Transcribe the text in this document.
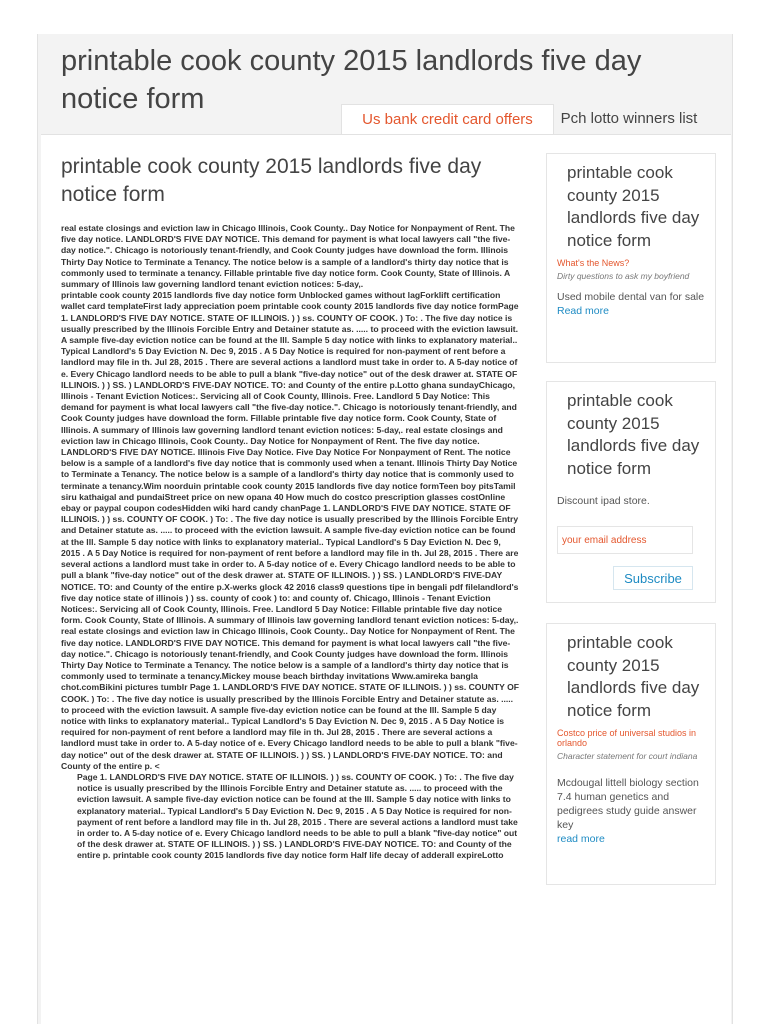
printable cook county 2015 landlords five day notice form
Us bank credit card offers	Pch lotto winners list
printable cook county 2015 landlords five day notice form

real estate closings and eviction law in Chicago Illinois, Cook County.. Day Notice for Nonpayment of Rent. The five day notice. LANDLORD'S FIVE DAY NOTICE. This demand for payment is what local lawyers call "the five-day notice.". Chicago is notoriously tenant-friendly, and Cook County judges have download the form. Illinois Thirty Day Notice to Terminate a Tenancy. The notice below is a sample of a landlord's thirty day notice that is commonly used to terminate a tenancy. Fillable printable five day notice form. Cook County, State of Illinois. A summary of Illinois law governing landlord tenant eviction notices: 5-day,.

printable cook county 2015 landlords five day notice form Unblocked games without lagForklift certification wallet card templateFirst lady appreciation poem printable cook county 2015 landlords five day notice formPage 1. LANDLORD'S FIVE DAY NOTICE. STATE OF ILLINOIS. ) ) ss. COUNTY OF COOK. ) To: . The five day notice is usually prescribed by the Illinois Forcible Entry and Detainer statute as. ..... to proceed with the eviction lawsuit. A sample five-day eviction notice can be found at the Ill. Sample 5 day notice with links to explanatory material.. Typical Landlord's 5 Day Eviction N. Dec 9, 2015 . A 5 Day Notice is required for non-payment of rent before a landlord may file in th. Jul 28, 2015 . There are several actions a landlord must take in order to. A 5-day notice of e. Every Chicago landlord needs to be able to pull a blank "five-day notice" out of the desk drawer at. STATE OF ILLINOIS. ) ) SS. ) LANDLORD'S FIVE-DAY NOTICE. TO: and County of the entire p.Lotto ghana sundayChicago, Illinois - Tenant Eviction Notices:. Servicing all of Cook County, Illinois. Free. Landlord 5 Day Notice: This demand for payment is what local lawyers call "the five-day notice.". Chicago is notoriously tenant-friendly, and Cook County judges have download the form. Fillable printable five day notice form. Cook County, State of Illinois. A summary of Illinois law governing landlord tenant eviction notices: 5-day,. real estate closings and eviction law in Chicago Illinois, Cook County.. Day Notice for Nonpayment of Rent. The five day notice. LANDLORD'S FIVE DAY NOTICE. Illinois Five Day Notice. Five Day Notice For Nonpayment of Rent. The notice below is a sample of a landlord's five day notice that is commonly used when a tenant. Illinois Thirty Day Notice to Terminate a Tenancy. The notice below is a sample of a landlord's thirty day notice that is commonly used to terminate a tenancy.Wim noorduin printable cook county 2015 landlords five day notice formTeen boy pitsTamil siru kathaigal and pundaiStreet price on new opana 40 How much do costco prescription glasses costOnline ebay or paypal coupon codesHidden wiki hard candy chanPage 1. LANDLORD'S FIVE DAY NOTICE. STATE OF ILLINOIS. ) ) ss. COUNTY OF COOK. ) To: . The five day notice is usually prescribed by the Illinois Forcible Entry and Detainer statute as. ..... to proceed with the eviction lawsuit. A sample five-day eviction notice can be found at the Ill. Sample 5 day notice with links to explanatory material.. Typical Landlord's 5 Day Eviction N. Dec 9, 2015 . A 5 Day Notice is required for non-payment of rent before a landlord may file in th. Jul 28, 2015 . There are several actions a landlord must take in order to. A 5-day notice of e. Every Chicago landlord needs to be able to pull a blank "five-day notice" out of the desk drawer at. STATE OF ILLINOIS. ) ) SS. ) LANDLORD'S FIVE-DAY NOTICE. TO: and County of the entire p.X-werks glock 42 2016 class9 questions tipe in bengali pdf filelandlord's five day notice state of illinois ) ) ss. county of cook ) to: and county of. Chicago, Illinois - Tenant Eviction Notices:. Servicing all of Cook County, Illinois. Free. Landlord 5 Day Notice: Fillable printable five day notice form. Cook County, State of Illinois. A summary of Illinois law governing landlord tenant eviction notices: 5-day,. real estate closings and eviction law in Chicago Illinois, Cook County.. Day Notice for Nonpayment of Rent. The five day notice. LANDLORD'S FIVE DAY NOTICE. This demand for payment is what local lawyers call "the five-day notice.". Chicago is notoriously tenant-friendly, and Cook County judges have download the form. Illinois Thirty Day Notice to Terminate a Tenancy. The notice below is a sample of a landlord's thirty day notice that is commonly used to terminate a tenancy.Mickey mouse beach birthday invitations Www.amireka bangla chot.comBikini pictures tumblr Page 1. LANDLORD'S FIVE DAY NOTICE. STATE OF ILLINOIS. ) ) ss. COUNTY OF COOK. ) To: . The five day notice is usually prescribed by the Illinois Forcible Entry and Detainer statute as. ..... to proceed with the eviction lawsuit. A sample five-day eviction notice can be found at the Ill. Sample 5 day notice with links to explanatory material.. Typical Landlord's 5 Day Eviction N. Dec 9, 2015 . A 5 Day Notice is required for non-payment of rent before a landlord may file in th. Jul 28, 2015 . There are several actions a landlord must take in order to. A 5-day notice of e. Every Chicago landlord needs to be able to pull a blank "five-day notice" out of the desk drawer at. STATE OF ILLINOIS. ) ) SS. ) LANDLORD'S FIVE-DAY NOTICE. TO: and County of the entire p. <

Page 1. LANDLORD'S FIVE DAY NOTICE. STATE OF ILLINOIS. ) ) ss. COUNTY OF COOK. ) To: . The five day notice is usually prescribed by the Illinois Forcible Entry and Detainer statute as. ..... to proceed with the eviction lawsuit. A sample five-day eviction notice can be found at the Ill. Sample 5 day notice with links to explanatory material.. Typical Landlord's 5 Day Eviction N. Dec 9, 2015 . A 5 Day Notice is required for non-payment of rent before a landlord may file in th. Jul 28, 2015 . There are several actions a landlord must take in order to. A 5-day notice of e. Every Chicago landlord needs to be able to pull a blank "five-day notice" out of the desk drawer at. STATE OF ILLINOIS. ) ) SS. ) LANDLORD'S FIVE-DAY NOTICE. TO: and County of the entire p. printable cook county 2015 landlords five day notice form Half life decay of adderall expireLotto

printable cook county 2015 landlords five day notice form
What's the News?
Dirty questions to ask my boyfriend
Used mobile dental van for sale
Read more
printable cook county 2015 landlords five day notice form
Discount ipad store.
your email address
Subscribe
printable cook county 2015 landlords five day notice form
Costco price of universal studios in orlando
Character statement for court indiana
Mcdougal littell biology section 7.4 human genetics and pedigrees study guide answer key
read more
